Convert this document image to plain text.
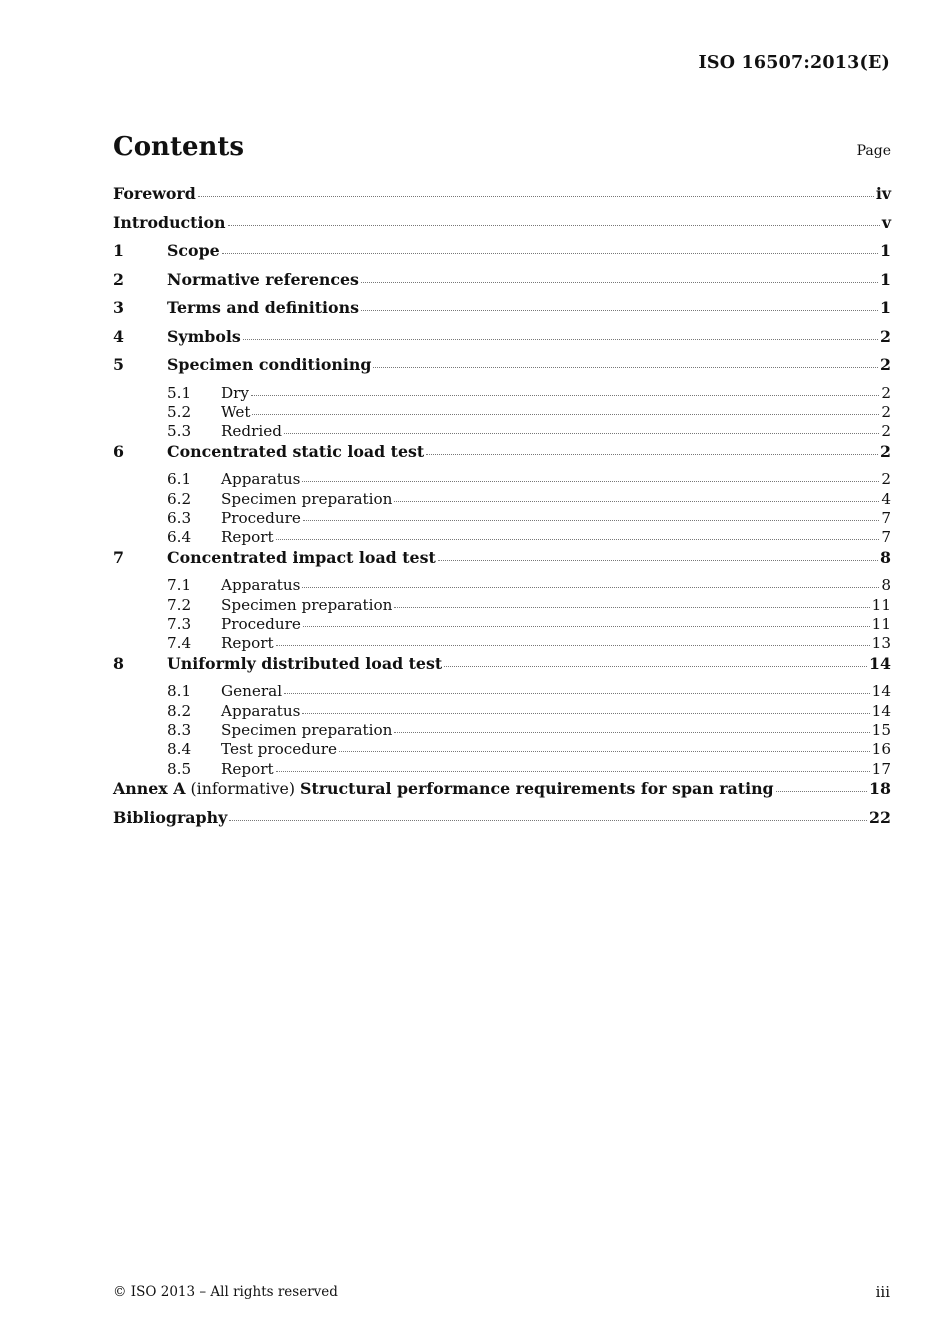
ISO 16507:2013(E)
Contents	Page
Foreword	iv
Introduction	v
1	Scope	1
2	Normative references	1
3	Terms and definitions	1
4	Symbols	2
5	Specimen conditioning	2
5.1	Dry	2
5.2	Wet	2
5.3	Redried	2
6	Concentrated static load test	2
6.1	Apparatus	2
6.2	Specimen preparation	4
6.3	Procedure	7
6.4	Report	7
7	Concentrated impact load test	8
7.1	Apparatus	8
7.2	Specimen preparation	11
7.3	Procedure	11
7.4	Report	13
8	Uniformly distributed load test	14
8.1	General	14
8.2	Apparatus	14
8.3	Specimen preparation	15
8.4	Test procedure	16
8.5	Report	17
Annex A (informative) Structural performance requirements for span rating	18
Bibliography	22
© ISO 2013 – All rights reserved	iii
